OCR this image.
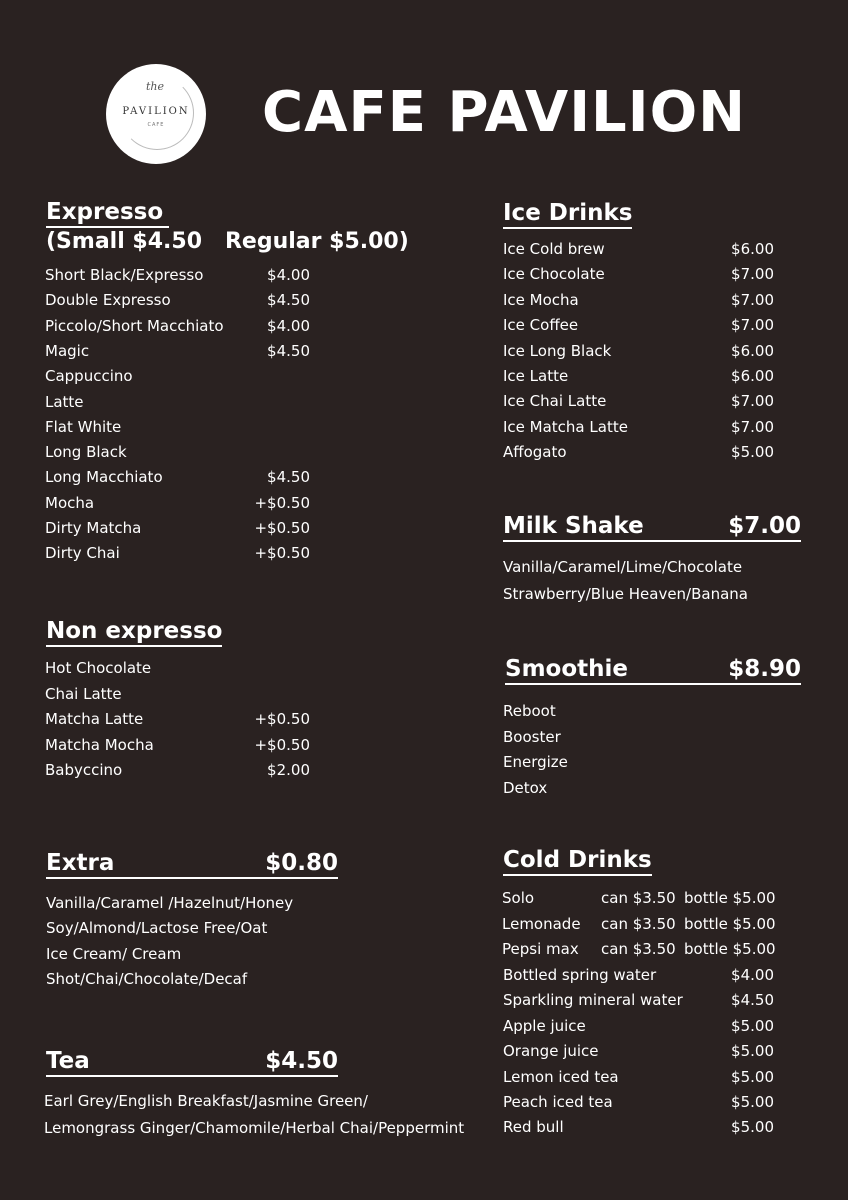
the
PAVILION
CAFE	CAFE PAVILION
Expresso
(Small $4.50   Regular $5.00)
Short Black/Expresso	$4.00
Double Expresso	$4.50
Piccolo/Short Macchiato	$4.00
Magic	$4.50
Cappuccino
Latte
Flat White
Long Black
Long Macchiato	$4.50
Mocha	+$0.50
Dirty Matcha	+$0.50
Dirty Chai	+$0.50
Non expresso
Hot Chocolate
Chai Latte
Matcha Latte	+$0.50
Matcha Mocha	+$0.50
Babyccino	$2.00
Extra	$0.80
Vanilla/Caramel /Hazelnut/Honey
Soy/Almond/Lactose Free/Oat
Ice Cream/ Cream
Shot/Chai/Chocolate/Decaf
Tea	$4.50
Earl Grey/English Breakfast/Jasmine Green/
Lemongrass Ginger/Chamomile/Herbal Chai/Peppermint
Ice Drinks
Ice Cold brew	$6.00
Ice Chocolate	$7.00
Ice Mocha	$7.00
Ice Coffee	$7.00
Ice Long Black	$6.00
Ice Latte	$6.00
Ice Chai Latte	$7.00
Ice Matcha Latte	$7.00
Affogato	$5.00
Milk Shake	$7.00
Vanilla/Caramel/Lime/Chocolate
Strawberry/Blue Heaven/Banana
Smoothie	$8.90
Reboot
Booster
Energize
Detox
Cold Drinks
Solo	can $3.50 bottle $5.00
Lemonade can $3.50 bottle $5.00
Pepsi max can $3.50 bottle $5.00
Bottled spring water	$4.00
Sparkling mineral water	$4.50
Apple juice	$5.00
Orange juice	$5.00
Lemon iced tea	$5.00
Peach iced tea	$5.00
Red bull	$5.00
